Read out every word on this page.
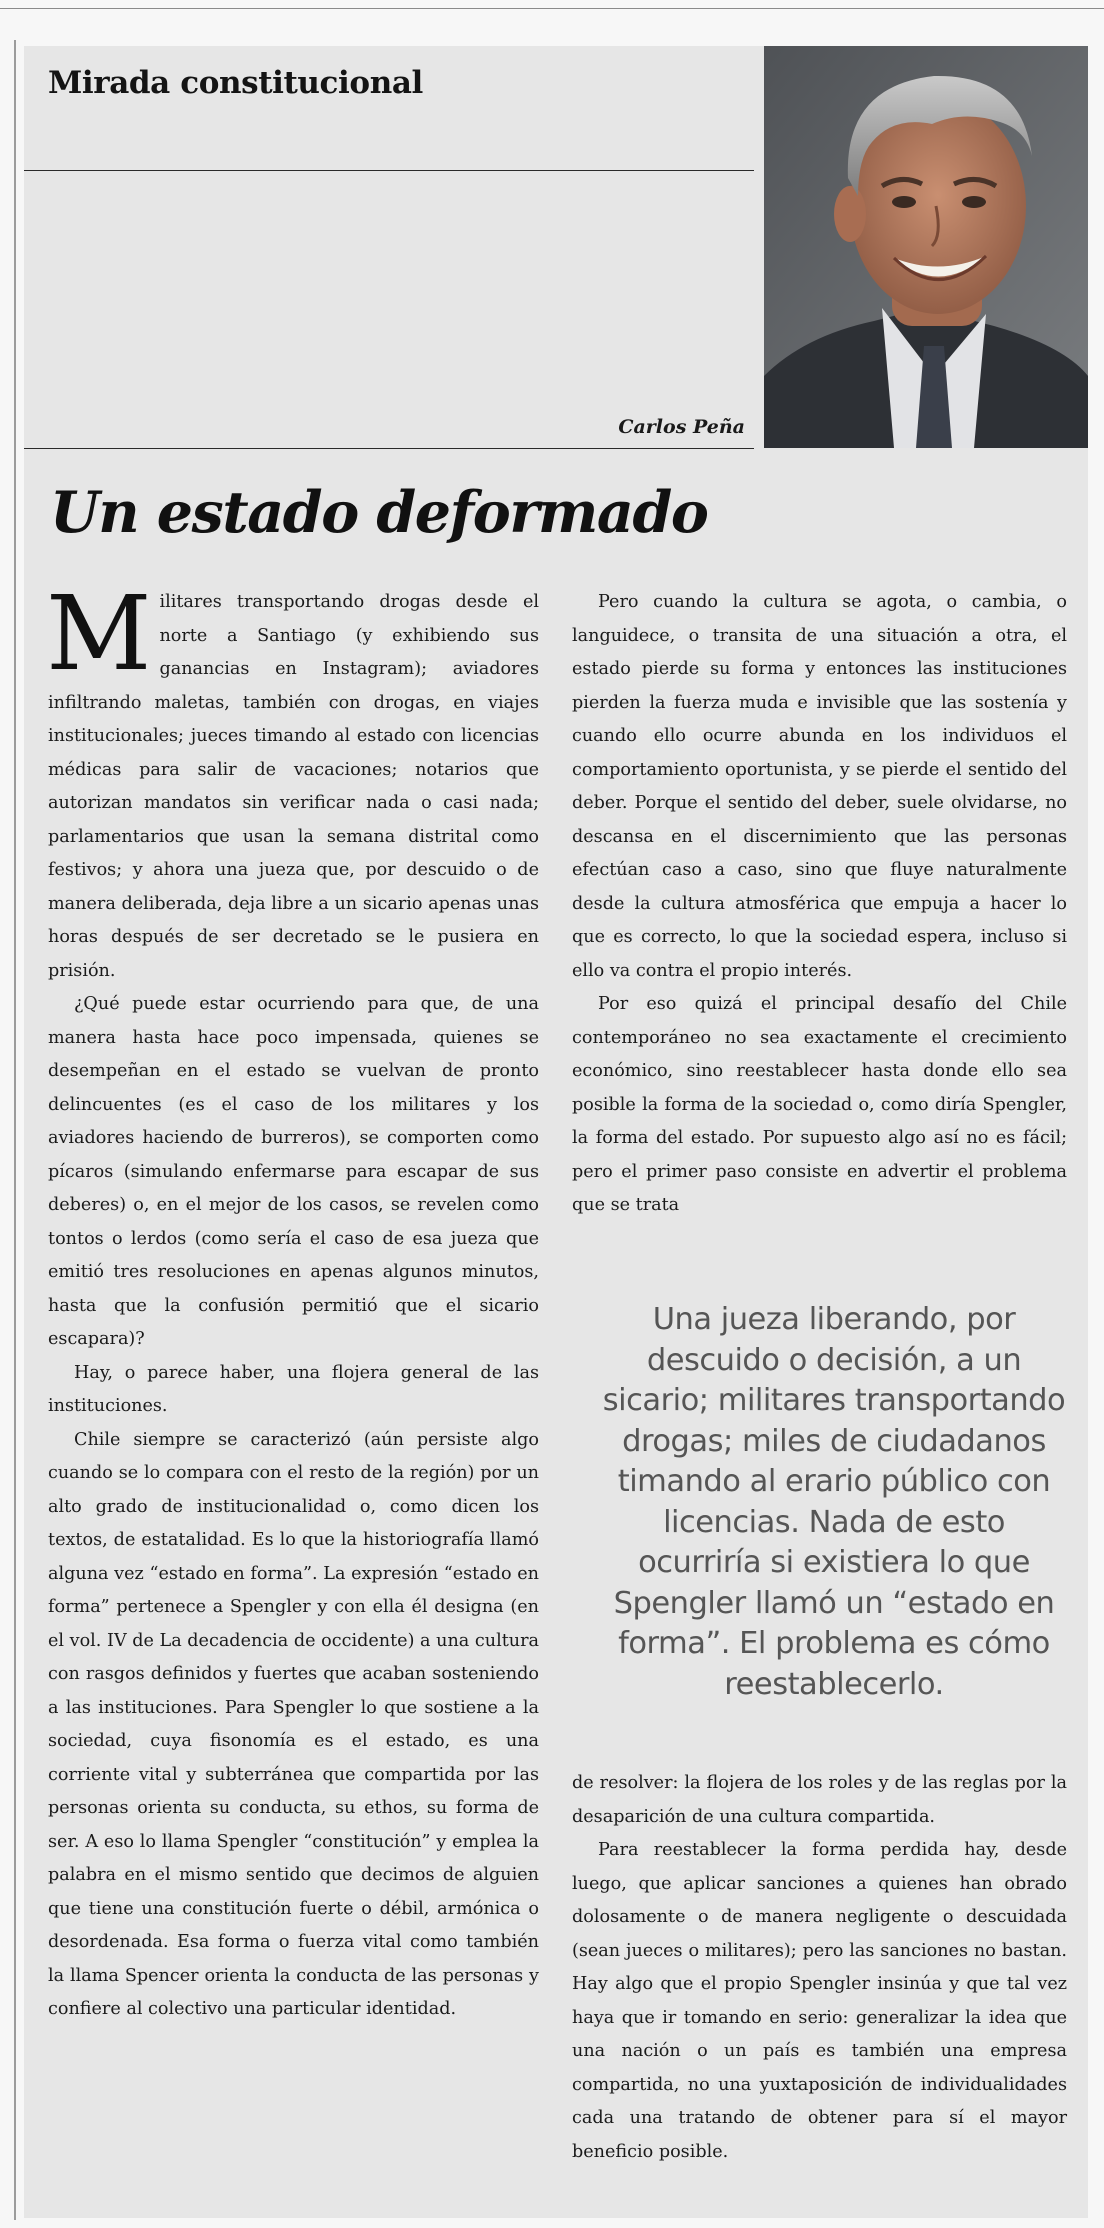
Mirada constitucional

Carlos Peña

Un estado deformado

Militares transportando drogas desde el norte a Santiago (y exhibiendo sus ganancias en Instagram); aviadores infiltrando maletas, también con drogas, en viajes institucionales; jueces timando al estado con licencias médicas para salir de vacaciones; notarios que autorizan mandatos sin verificar nada o casi nada; parlamentarios que usan la semana distrital como festivos; y ahora una jueza que, por descuido o de manera deliberada, deja libre a un sicario apenas unas horas después de ser decretado se le pusiera en prisión.

¿Qué puede estar ocurriendo para que, de una manera hasta hace poco impensada, quienes se desempeñan en el estado se vuelvan de pronto delincuentes (es el caso de los militares y los aviadores haciendo de burreros), se comporten como pícaros (simulando enfermarse para escapar de sus deberes) o, en el mejor de los casos, se revelen como tontos o lerdos (como sería el caso de esa jueza que emitió tres resoluciones en apenas algunos minutos, hasta que la confusión permitió que el sicario escapara)?

Hay, o parece haber, una flojera general de las instituciones.

Chile siempre se caracterizó (aún persiste algo cuando se lo compara con el resto de la región) por un alto grado de institucionalidad o, como dicen los textos, de estatalidad. Es lo que la historiografía llamó alguna vez “estado en forma”. La expresión “estado en forma” pertenece a Spengler y con ella él designa (en el vol. IV de La decadencia de occidente) a una cultura con rasgos definidos y fuertes que acaban sosteniendo a las instituciones. Para Spengler lo que sostiene a la sociedad, cuya fisonomía es el estado, es una corriente vital y subterránea que compartida por las personas orienta su conducta, su ethos, su forma de ser. A eso lo llama Spengler “constitución” y emplea la palabra en el mismo sentido que decimos de alguien que tiene una constitución fuerte o débil, armónica o desordenada. Esa forma o fuerza vital como también la llama Spencer orienta la conducta de las personas y confiere al colectivo una particular identidad.

Pero cuando la cultura se agota, o cambia, o languidece, o transita de una situación a otra, el estado pierde su forma y entonces las instituciones pierden la fuerza muda e invisible que las sostenía y cuando ello ocurre abunda en los individuos el comportamiento oportunista, y se pierde el sentido del deber. Porque el sentido del deber, suele olvidarse, no descansa en el discernimiento que las personas efectúan caso a caso, sino que fluye naturalmente desde la cultura atmosférica que empuja a hacer lo que es correcto, lo que la sociedad espera, incluso si ello va contra el propio interés.

Por eso quizá el principal desafío del Chile contemporáneo no sea exactamente el crecimiento económico, sino reestablecer hasta donde ello sea posible la forma de la sociedad o, como diría Spengler, la forma del estado. Por supuesto algo así no es fácil; pero el primer paso consiste en advertir el problema que se trata

Una jueza liberando, por descuido o decisión, a un sicario; militares transportando drogas; miles de ciudadanos timando al erario público con licencias. Nada de esto ocurriría si existiera lo que Spengler llamó un “estado en forma”. El problema es cómo reestablecerlo.

de resolver: la flojera de los roles y de las reglas por la desaparición de una cultura compartida.

Para reestablecer la forma perdida hay, desde luego, que aplicar sanciones a quienes han obrado dolosamente o de manera negligente o descuidada (sean jueces o militares); pero las sanciones no bastan. Hay algo que el propio Spengler insinúa y que tal vez haya que ir tomando en serio: generalizar la idea que una nación o un país es también una empresa compartida, no una yuxtaposición de individualidades cada una tratando de obtener para sí el mayor beneficio posible.
